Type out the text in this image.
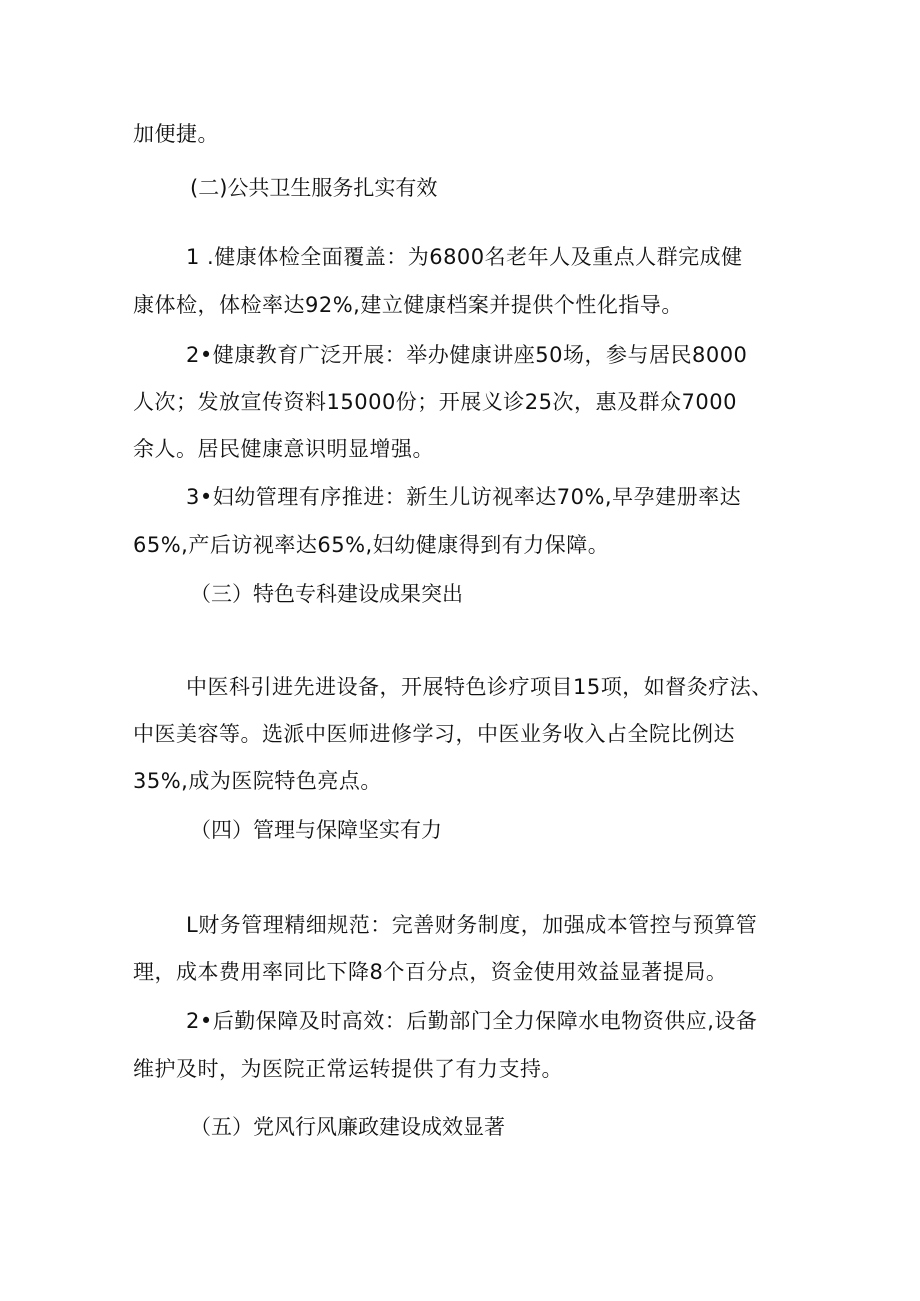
加便捷。
(二)公共卫生服务扎实有效
1 .健康体检全面覆盖：为6800名老年人及重点人群完成健
康体检，体检率达92%,建立健康档案并提供个性化指导。
2•健康教育广泛开展：举办健康讲座50场，参与居民8000
人次；发放宣传资料15000份；开展义诊25次，惠及群众7000
余人。居民健康意识明显增强。
3•妇幼管理有序推进：新生儿访视率达70%,早孕建册率达
65%,产后访视率达65%,妇幼健康得到有力保障。
（三）特色专科建设成果突出
中医科引进先进设备，开展特色诊疗项目15项，如督灸疗法、
中医美容等。选派中医师进修学习，中医业务收入占全院比例达
35%,成为医院特色亮点。
（四）管理与保障坚实有力
L财务管理精细规范：完善财务制度，加强成本管控与预算管
理，成本费用率同比下降8个百分点，资金使用效益显著提局。
2•后勤保障及时高效：后勤部门全力保障水电物资供应,设备
维护及时，为医院正常运转提供了有力支持。
（五）党风行风廉政建设成效显著
